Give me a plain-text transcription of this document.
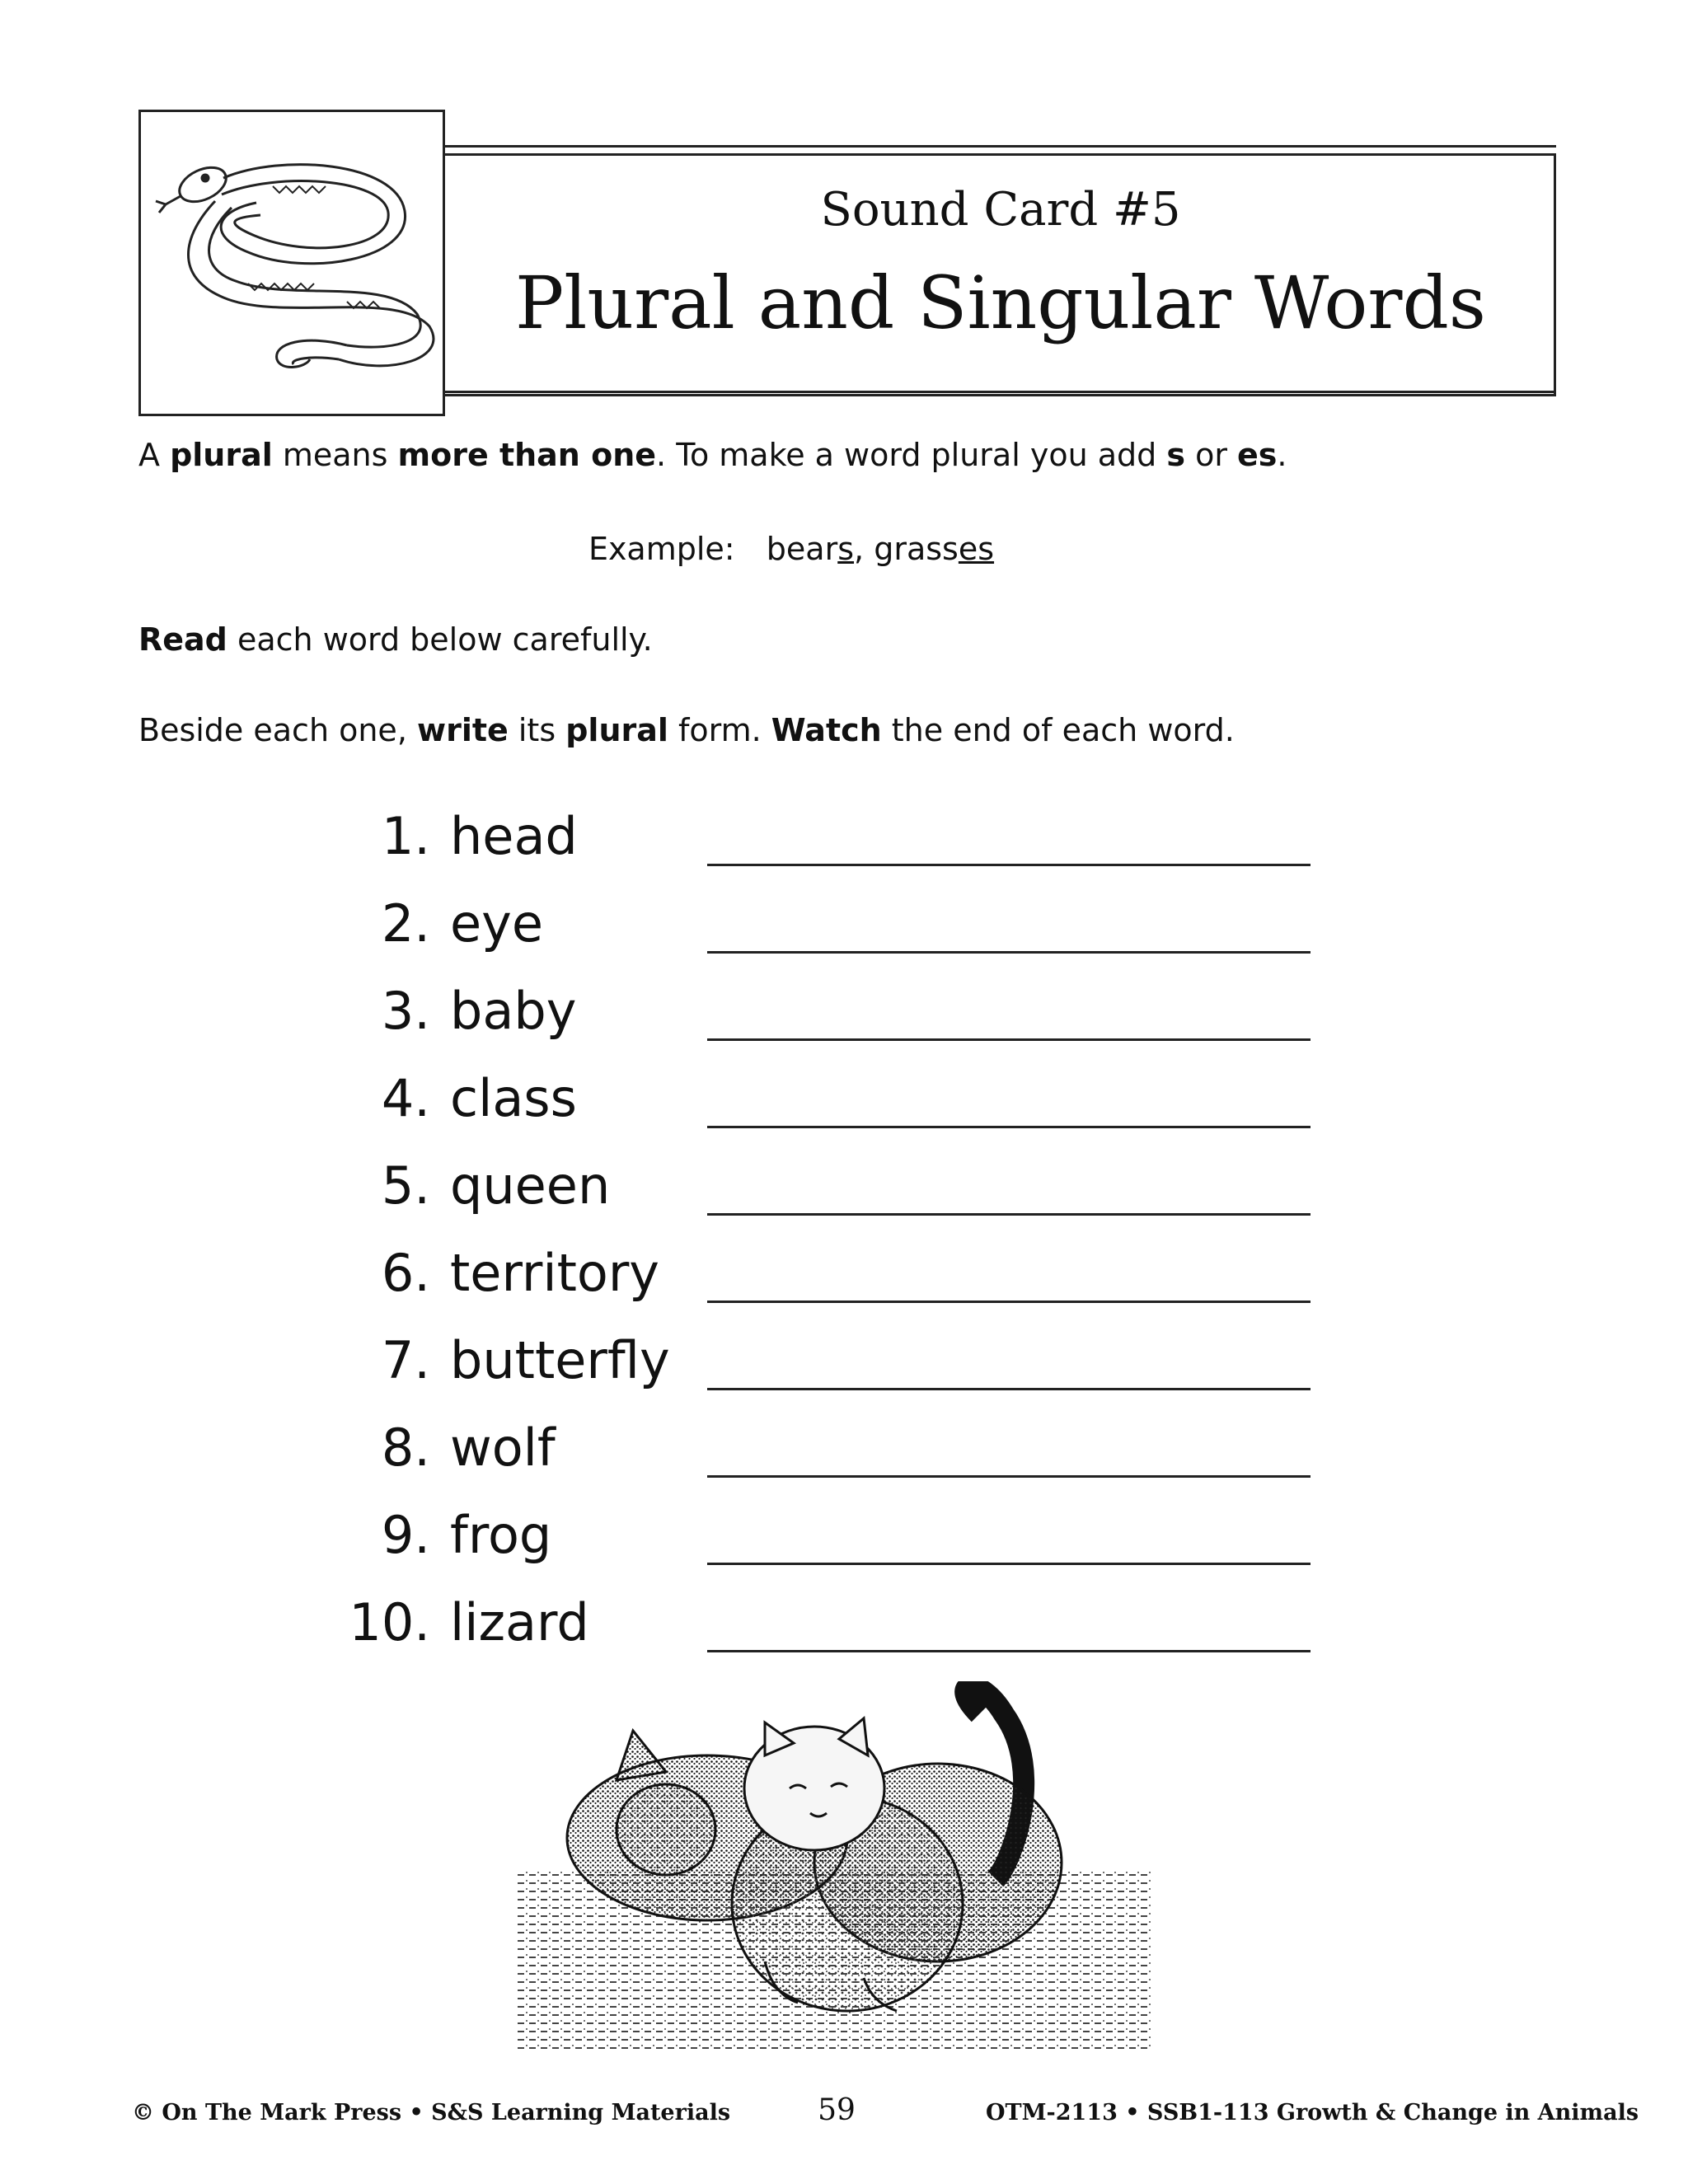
Sound Card #5
Plural and Singular Words
A plural means more than one. To make a word plural you add s or es.
Example: bears, grasses
Read each word below carefully.
Beside each one, write its plural form. Watch the end of each word.
1. head
2. eye
3. baby
4. class
5. queen
6. territory
7. butterfly
8. wolf
9. frog
10. lizard
© On The Mark Press • S&S Learning Materials	59	OTM-2113 • SSB1-113 Growth & Change in Animals
